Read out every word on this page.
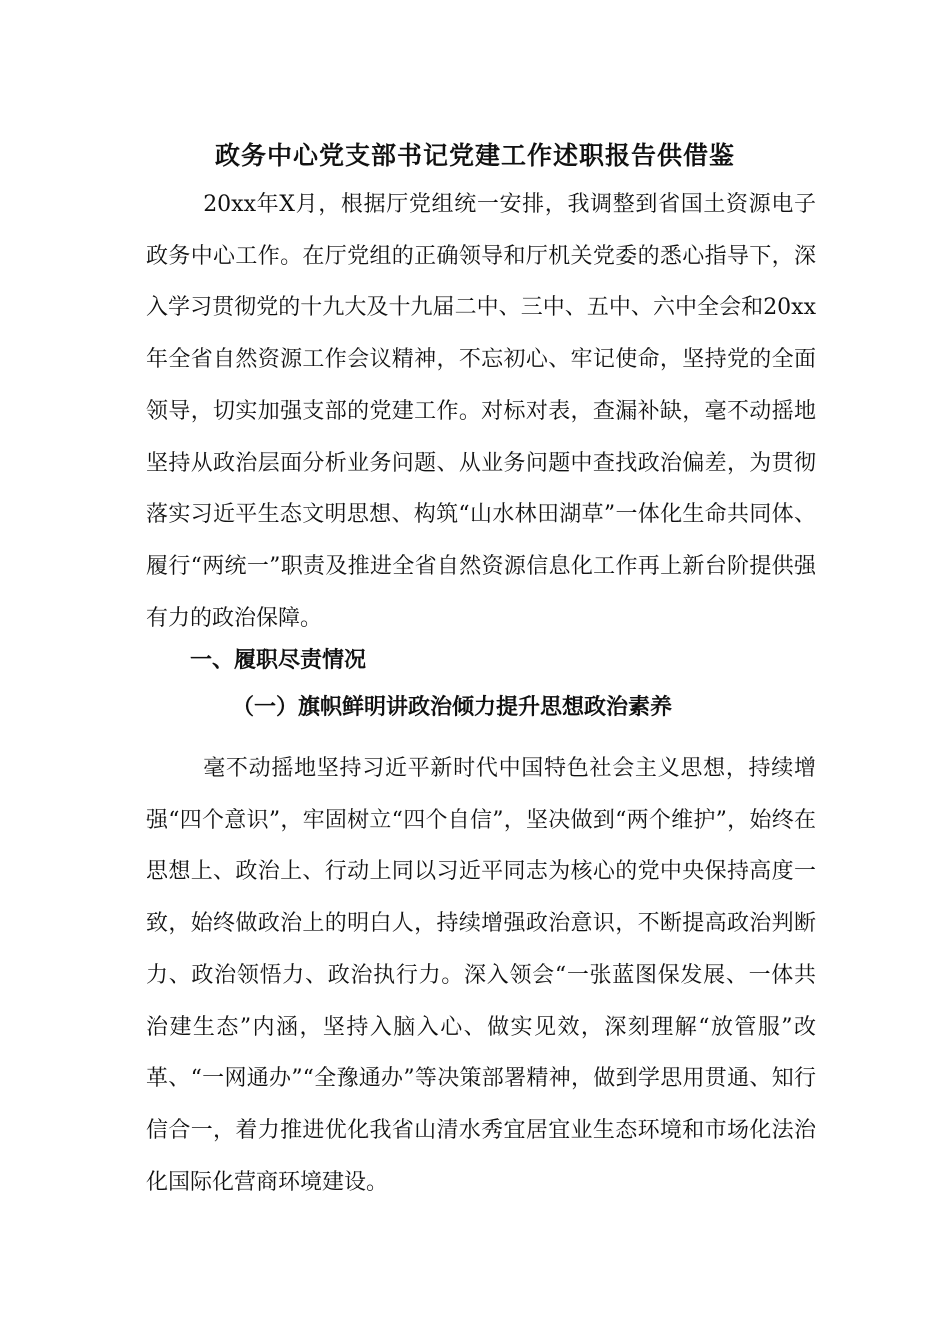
政务中心党支部书记党建工作述职报告供借鉴

20xx年X月，根据厅党组统一安排，我调整到省国土资源电子政务中心工作。在厅党组的正确领导和厅机关党委的悉心指导下，深入学习贯彻党的十九大及十九届二中、三中、五中、六中全会和20xx年全省自然资源工作会议精神，不忘初心、牢记使命，坚持党的全面领导，切实加强支部的党建工作。对标对表，查漏补缺，毫不动摇地坚持从政治层面分析业务问题、从业务问题中查找政治偏差，为贯彻落实习近平生态文明思想、构筑“山水林田湖草”一体化生命共同体、履行“两统一”职责及推进全省自然资源信息化工作再上新台阶提供强有力的政治保障。

一、履职尽责情况
（一）旗帜鲜明讲政治倾力提升思想政治素养

毫不动摇地坚持习近平新时代中国特色社会主义思想，持续增强“四个意识”，牢固树立“四个自信”，坚决做到“两个维护”，始终在思想上、政治上、行动上同以习近平同志为核心的党中央保持高度一致，始终做政治上的明白人，持续增强政治意识，不断提高政治判断力、政治领悟力、政治执行力。深入领会“一张蓝图保发展、一体共治建生态”内涵，坚持入脑入心、做实见效，深刻理解“放管服”改革、“一网通办”“全豫通办”等决策部署精神，做到学思用贯通、知行信合一，着力推进优化我省山清水秀宜居宜业生态环境和市场化法治化国际化营商环境建设。
